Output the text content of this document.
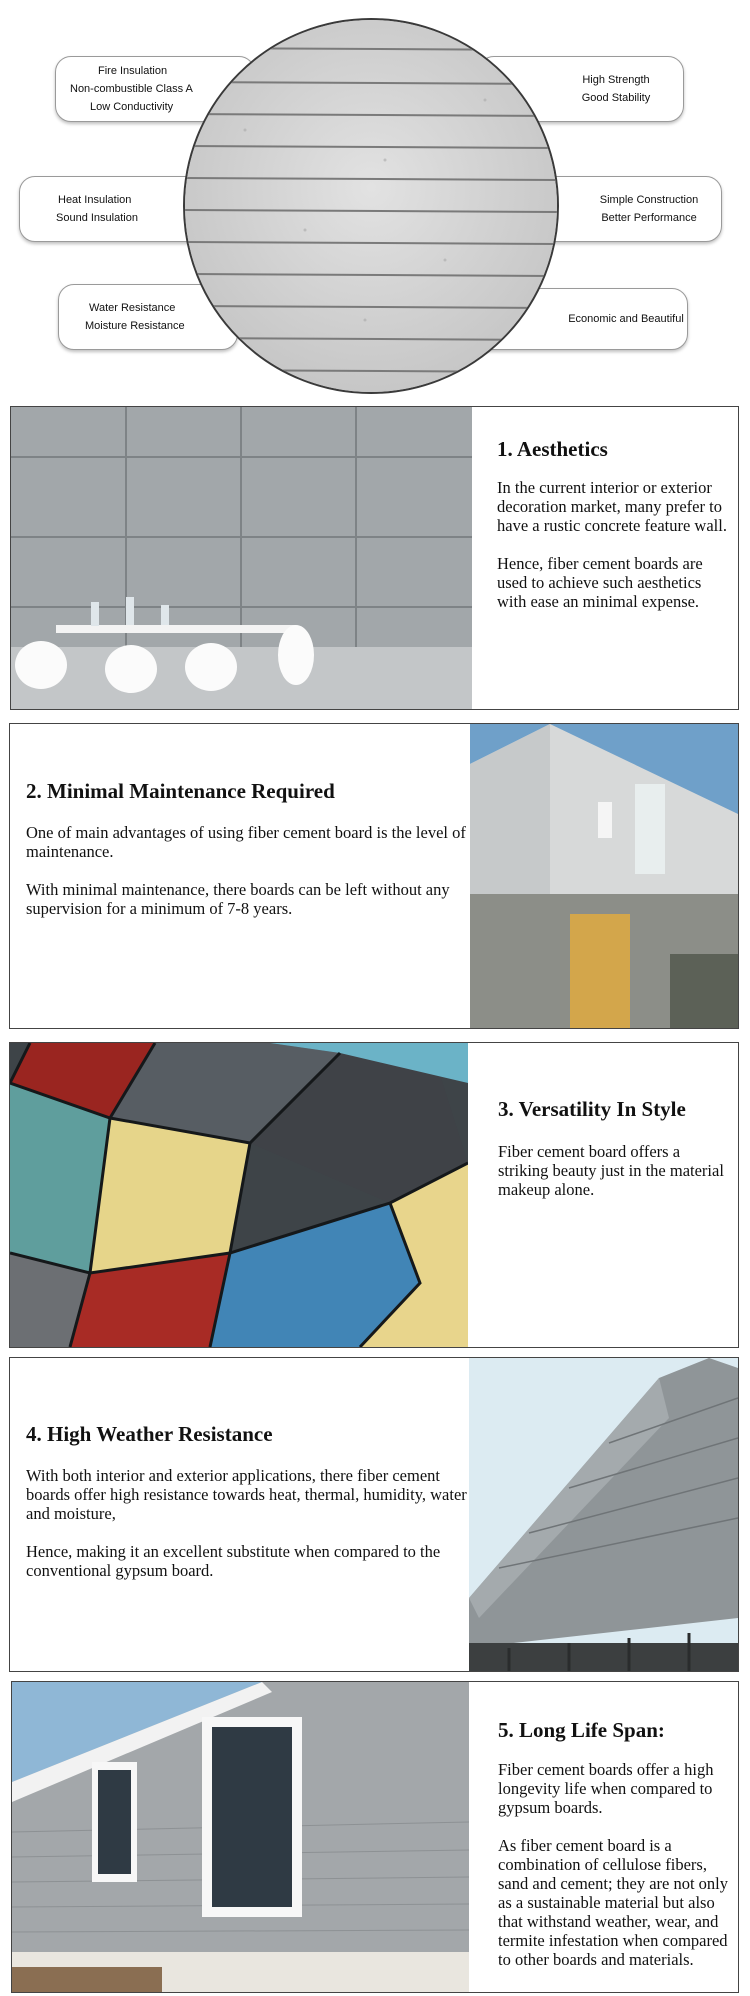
Fire Insulation
Non-combustible Class A
Low Conductivity
Heat Insulation
Sound Insulation
Water Resistance
Moisture Resistance
High Strength
Good Stability
Simple Construction
Better Performance
Economic and Beautiful
1. Aesthetics

In the current interior or exterior decoration market, many prefer to have a rustic concrete feature wall.

Hence, fiber cement boards are used to achieve such aesthetics with ease an minimal expense.

2. Minimal Maintenance Required

One of main advantages of using fiber cement board is the level of maintenance.

With minimal maintenance, there boards can be left without any supervision for a minimum of 7-8 years.

3. Versatility In Style

Fiber cement board offers a striking beauty just in the material makeup alone.

4. High Weather Resistance

With both interior and exterior applications, there fiber cement boards offer high resistance towards heat, thermal, humidity, water and moisture,

Hence, making it an excellent substitute when compared to the conventional gypsum board.

5. Long Life Span:

Fiber cement boards offer a high longevity life when compared to gypsum boards.

As fiber cement board is a combination of cellulose fibers, sand and cement; they are not only as a sustainable material but also that withstand weather, wear, and termite infestation when compared to other boards and materials.
